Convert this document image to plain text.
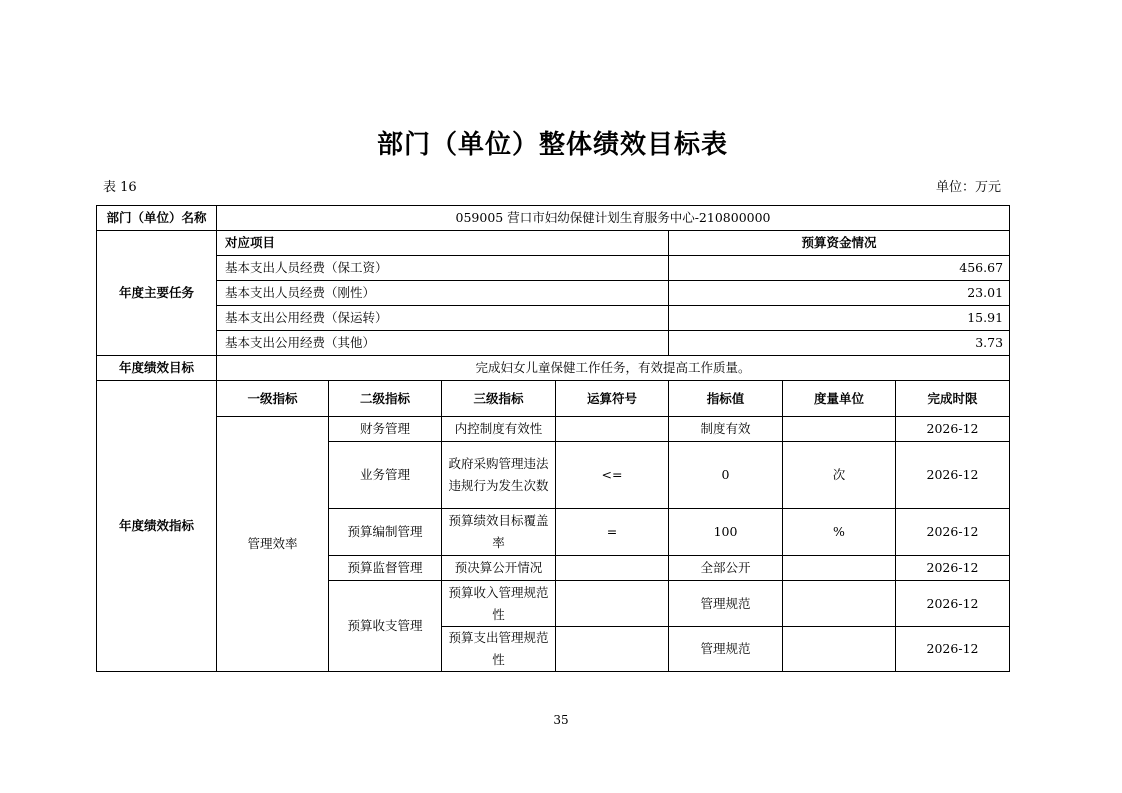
部门（单位）整体绩效目标表
表 16	单位：万元
部门（单位）名称	059005 营口市妇幼保健计划生育服务中心-210800000						
年度主要任务	对应项目				预算资金情况		
	基本支出人员经费（保工资）				456.67		
	基本支出人员经费（刚性）				23.01		
	基本支出公用经费（保运转）				15.91		
	基本支出公用经费（其他）				3.73		
年度绩效目标	完成妇女儿童保健工作任务，有效提高工作质量。						
年度绩效指标	一级指标	二级指标	三级指标	运算符号	指标值	度量单位	完成时限
	管理效率	财务管理	内控制度有效性		制度有效		2026-12
		业务管理	政府采购管理违法违规行为发生次数	<=	0	次	2026-12
		预算编制管理	预算绩效目标覆盖率	=	100	%	2026-12
		预算监督管理	预决算公开情况		全部公开		2026-12
		预算收支管理	预算收入管理规范性		管理规范		2026-12
			预算支出管理规范性		管理规范		2026-12
35
